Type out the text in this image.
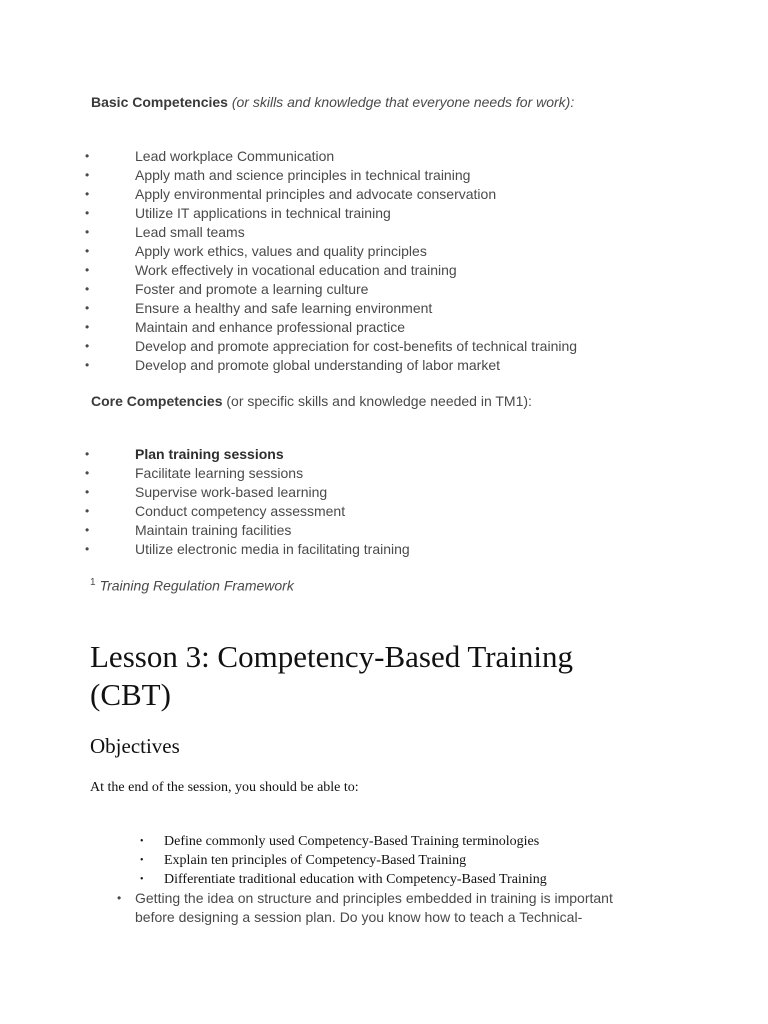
Basic Competencies (or skills and knowledge that everyone needs for work):
•	Lead workplace Communication
•	Apply math and science principles in technical training
•	Apply environmental principles and advocate conservation
•	Utilize IT applications in technical training
•	Lead small teams
•	Apply work ethics, values and quality principles
•	Work effectively in vocational education and training
•	Foster and promote a learning culture
•	Ensure a healthy and safe learning environment
•	Maintain and enhance professional practice
•	Develop and promote appreciation for cost-benefits of technical training
•	Develop and promote global understanding of labor market
Core Competencies (or specific skills and knowledge needed in TM1):
•	Plan training sessions
•	Facilitate learning sessions
•	Supervise work-based learning
•	Conduct competency assessment
•	Maintain training facilities
•	Utilize electronic media in facilitating training
$^1$ Training Regulation Framework
Lesson 3: Competency-Based Training (CBT)
Objectives
At the end of the session, you should be able to:
• Define commonly used Competency-Based Training terminologies
• Explain ten principles of Competency-Based Training
• Differentiate traditional education with Competency-Based Training
• Getting the idea on structure and principles embedded in training is important before designing a session plan. Do you know how to teach a Technical-
